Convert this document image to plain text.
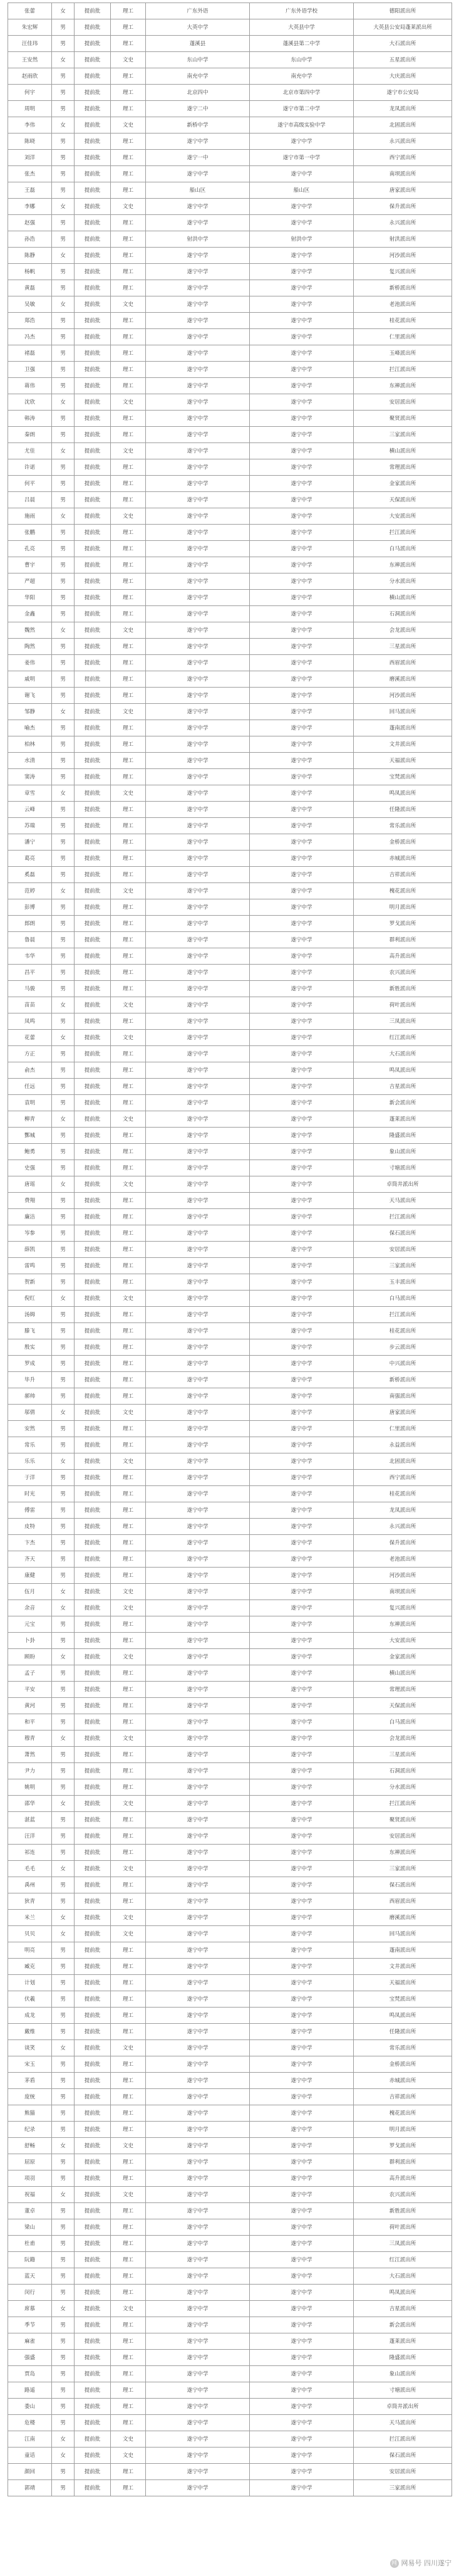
张蕾	女	提前批	理工	广东外语	广东外语学校	德阳派出所
朱宏辉	男	提前批	理工	大英中学	大英县中学	大英县公安局蓬莱派出所
汪佳玮	男	提前批	理工	蓬溪县	蓬溪县第二中学	大石派出所
王安然	女	提前批	文史	东山中学	东山中学	五星派出所
赵雨欣	男	提前批	理工	南充中学	南充中学	大庆派出所
何宇	男	提前批	理工	北京四中	北京市第四中学	遂宁市公安局
周明	男	提前批	理工	遂宁二中	遂宁市第二中学	龙凤派出所
李伟	女	提前批	文史	新桥中学	遂宁市高级实验中学	北固派出所
陈晓	男	提前批	理工	遂宁中学	遂宁中学	永兴派出所
刘洋	男	提前批	理工	遂宁一中	遂宁市第一中学	西宁派出所
张杰	男	提前批	理工	遂宁中学	遂宁中学	南坝派出所
王磊	男	提前批	理工	船山区	船山区	唐家派出所
李娜	女	提前批	文史	遂宁中学	遂宁中学	保升派出所
赵强	男	提前批	理工	遂宁中学	遂宁中学	永兴派出所
孙浩	男	提前批	理工	射洪中学	射洪中学	射洪派出所
陈静	女	提前批	理工	遂宁中学	遂宁中学	河沙派出所
杨帆	男	提前批	理工	遂宁中学	遂宁中学	复兴派出所
黄磊	男	提前批	理工	遂宁中学	遂宁中学	新桥派出所
吴敏	女	提前批	文史	遂宁中学	遂宁中学	老池派出所
郑浩	男	提前批	理工	遂宁中学	遂宁中学	桂花派出所
冯杰	男	提前批	理工	遂宁中学	遂宁中学	仁里派出所
褚磊	男	提前批	理工	遂宁中学	遂宁中学	玉峰派出所
卫强	男	提前批	理工	遂宁中学	遂宁中学	拦江派出所
蒋伟	男	提前批	理工	遂宁中学	遂宁中学	东禅派出所
沈欣	女	提前批	文史	遂宁中学	遂宁中学	安居派出所
韩涛	男	提前批	理工	遂宁中学	遂宁中学	聚贤派出所
秦朗	男	提前批	理工	遂宁中学	遂宁中学	三家派出所
尤佳	女	提前批	文史	遂宁中学	遂宁中学	横山派出所
许诺	男	提前批	理工	遂宁中学	遂宁中学	常理派出所
何平	男	提前批	理工	遂宁中学	遂宁中学	金家派出所
吕晨	男	提前批	理工	遂宁中学	遂宁中学	天保派出所
施雨	女	提前批	文史	遂宁中学	遂宁中学	大安派出所
张鹏	男	提前批	理工	遂宁中学	遂宁中学	拦江派出所
孔亮	男	提前批	理工	遂宁中学	遂宁中学	白马派出所
曹宇	男	提前批	理工	遂宁中学	遂宁中学	东禅派出所
严超	男	提前批	理工	遂宁中学	遂宁中学	分水派出所
华阳	男	提前批	理工	遂宁中学	遂宁中学	横山派出所
金鑫	男	提前批	理工	遂宁中学	遂宁中学	石洞派出所
魏然	女	提前批	文史	遂宁中学	遂宁中学	会龙派出所
陶然	男	提前批	理工	遂宁中学	遂宁中学	三星派出所
姜伟	男	提前批	理工	遂宁中学	遂宁中学	西眉派出所
戚明	男	提前批	理工	遂宁中学	遂宁中学	磨溪派出所
谢飞	男	提前批	理工	遂宁中学	遂宁中学	河沙派出所
邹静	女	提前批	文史	遂宁中学	遂宁中学	回马派出所
喻杰	男	提前批	理工	遂宁中学	遂宁中学	蓬南派出所
柏林	男	提前批	理工	遂宁中学	遂宁中学	文井派出所
水清	男	提前批	理工	遂宁中学	遂宁中学	天福派出所
窦涛	男	提前批	理工	遂宁中学	遂宁中学	宝梵派出所
章雪	女	提前批	文史	遂宁中学	遂宁中学	鸣凤派出所
云峰	男	提前批	理工	遂宁中学	遂宁中学	任隆派出所
苏瑞	男	提前批	理工	遂宁中学	遂宁中学	常乐派出所
潘宁	男	提前批	理工	遂宁中学	遂宁中学	金桥派出所
葛亮	男	提前批	理工	遂宁中学	遂宁中学	赤城派出所
奚磊	男	提前批	理工	遂宁中学	遂宁中学	吉祥派出所
范婷	女	提前批	文史	遂宁中学	遂宁中学	槐花派出所
彭博	男	提前批	理工	遂宁中学	遂宁中学	明月派出所
郎朗	男	提前批	理工	遂宁中学	遂宁中学	罗戈派出所
鲁晨	男	提前批	理工	遂宁中学	遂宁中学	群利派出所
韦华	男	提前批	理工	遂宁中学	遂宁中学	高升派出所
昌平	男	提前批	理工	遂宁中学	遂宁中学	农兴派出所
马骏	男	提前批	理工	遂宁中学	遂宁中学	新胜派出所
苗苗	女	提前批	文史	遂宁中学	遂宁中学	荷叶派出所
凤鸣	男	提前批	理工	遂宁中学	遂宁中学	三凤派出所
花蕾	女	提前批	文史	遂宁中学	遂宁中学	红江派出所
方正	男	提前批	理工	遂宁中学	遂宁中学	大石派出所
俞杰	男	提前批	理工	遂宁中学	遂宁中学	鸣凤派出所
任远	男	提前批	理工	遂宁中学	遂宁中学	吉星派出所
袁明	男	提前批	理工	遂宁中学	遂宁中学	新会派出所
柳青	女	提前批	文史	遂宁中学	遂宁中学	蓬莱派出所
酆城	男	提前批	理工	遂宁中学	遂宁中学	隆盛派出所
鲍勇	男	提前批	理工	遂宁中学	遂宁中学	象山派出所
史强	男	提前批	理工	遂宁中学	遂宁中学	寸塘派出所
唐瑶	女	提前批	文史	遂宁中学	遂宁中学	卓筒井派出所
费翔	男	提前批	理工	遂宁中学	遂宁中学	天马派出所
廉洁	男	提前批	理工	遂宁中学	遂宁中学	拦江派出所
岑参	男	提前批	理工	遂宁中学	遂宁中学	保石派出所
薛凯	男	提前批	理工	遂宁中学	遂宁中学	安居派出所
雷鸣	男	提前批	理工	遂宁中学	遂宁中学	三家派出所
贺新	男	提前批	理工	遂宁中学	遂宁中学	玉丰派出所
倪红	女	提前批	文史	遂宁中学	遂宁中学	白马派出所
汤姆	男	提前批	理工	遂宁中学	遂宁中学	拦江派出所
滕飞	男	提前批	理工	遂宁中学	遂宁中学	桂花派出所
殷实	男	提前批	理工	遂宁中学	遂宁中学	步云派出所
罗成	男	提前批	理工	遂宁中学	遂宁中学	中兴派出所
毕升	男	提前批	理工	遂宁中学	遂宁中学	新桥派出所
郝帅	男	提前批	理工	遂宁中学	遂宁中学	南强派出所
邬倩	女	提前批	文史	遂宁中学	遂宁中学	唐家派出所
安然	男	提前批	理工	遂宁中学	遂宁中学	仁里派出所
常乐	男	提前批	理工	遂宁中学	遂宁中学	永益派出所
乐乐	女	提前批	文史	遂宁中学	遂宁中学	北固派出所
于洋	男	提前批	理工	遂宁中学	遂宁中学	西宁派出所
时光	男	提前批	理工	遂宁中学	遂宁中学	桂花派出所
傅雷	男	提前批	理工	遂宁中学	遂宁中学	龙凤派出所
皮特	男	提前批	理工	遂宁中学	遂宁中学	永兴派出所
卞杰	男	提前批	理工	遂宁中学	遂宁中学	保升派出所
齐天	男	提前批	理工	遂宁中学	遂宁中学	老池派出所
康健	男	提前批	理工	遂宁中学	遂宁中学	河沙派出所
伍月	女	提前批	文史	遂宁中学	遂宁中学	南坝派出所
余音	女	提前批	文史	遂宁中学	遂宁中学	复兴派出所
元宝	男	提前批	理工	遂宁中学	遂宁中学	东禅派出所
卜卦	男	提前批	理工	遂宁中学	遂宁中学	大安派出所
顾盼	女	提前批	文史	遂宁中学	遂宁中学	金家派出所
孟子	男	提前批	理工	遂宁中学	遂宁中学	横山派出所
平安	男	提前批	理工	遂宁中学	遂宁中学	常理派出所
黄河	男	提前批	理工	遂宁中学	遂宁中学	天保派出所
和平	男	提前批	理工	遂宁中学	遂宁中学	白马派出所
穆青	女	提前批	文史	遂宁中学	遂宁中学	会龙派出所
萧然	男	提前批	理工	遂宁中学	遂宁中学	三星派出所
尹力	男	提前批	理工	遂宁中学	遂宁中学	石洞派出所
姚明	男	提前批	理工	遂宁中学	遂宁中学	分水派出所
邵华	女	提前批	文史	遂宁中学	遂宁中学	拦江派出所
湛蓝	男	提前批	理工	遂宁中学	遂宁中学	聚贤派出所
汪洋	男	提前批	理工	遂宁中学	遂宁中学	安居派出所
祁连	男	提前批	理工	遂宁中学	遂宁中学	东禅派出所
毛毛	女	提前批	文史	遂宁中学	遂宁中学	三家派出所
禹州	男	提前批	理工	遂宁中学	遂宁中学	保石派出所
狄青	男	提前批	理工	遂宁中学	遂宁中学	西眉派出所
米兰	女	提前批	文史	遂宁中学	遂宁中学	磨溪派出所
贝贝	女	提前批	文史	遂宁中学	遂宁中学	回马派出所
明亮	男	提前批	理工	遂宁中学	遂宁中学	蓬南派出所
臧克	男	提前批	理工	遂宁中学	遂宁中学	文井派出所
计划	男	提前批	理工	遂宁中学	遂宁中学	天福派出所
伏羲	男	提前批	理工	遂宁中学	遂宁中学	宝梵派出所
成龙	男	提前批	理工	遂宁中学	遂宁中学	鸣凤派出所
戴维	男	提前批	理工	遂宁中学	遂宁中学	任隆派出所
谈笑	女	提前批	文史	遂宁中学	遂宁中学	常乐派出所
宋玉	男	提前批	理工	遂宁中学	遂宁中学	金桥派出所
茅盾	男	提前批	理工	遂宁中学	遂宁中学	赤城派出所
庞统	男	提前批	理工	遂宁中学	遂宁中学	吉祥派出所
熊猫	男	提前批	理工	遂宁中学	遂宁中学	槐花派出所
纪录	男	提前批	理工	遂宁中学	遂宁中学	明月派出所
舒畅	女	提前批	文史	遂宁中学	遂宁中学	罗戈派出所
屈原	男	提前批	理工	遂宁中学	遂宁中学	群利派出所
项羽	男	提前批	理工	遂宁中学	遂宁中学	高升派出所
祝福	女	提前批	文史	遂宁中学	遂宁中学	农兴派出所
董卓	男	提前批	理工	遂宁中学	遂宁中学	新胜派出所
梁山	男	提前批	理工	遂宁中学	遂宁中学	荷叶派出所
杜甫	男	提前批	理工	遂宁中学	遂宁中学	三凤派出所
阮籍	男	提前批	理工	遂宁中学	遂宁中学	红江派出所
蓝天	男	提前批	理工	遂宁中学	遂宁中学	大石派出所
闵行	男	提前批	理工	遂宁中学	遂宁中学	鸣凤派出所
席慕	女	提前批	文史	遂宁中学	遂宁中学	吉星派出所
季节	男	提前批	理工	遂宁中学	遂宁中学	新会派出所
麻雀	男	提前批	理工	遂宁中学	遂宁中学	蓬莱派出所
强盛	男	提前批	理工	遂宁中学	遂宁中学	隆盛派出所
贾岛	男	提前批	理工	遂宁中学	遂宁中学	象山派出所
路遥	男	提前批	理工	遂宁中学	遂宁中学	寸塘派出所
娄山	男	提前批	理工	遂宁中学	遂宁中学	卓筒井派出所
危楼	男	提前批	理工	遂宁中学	遂宁中学	天马派出所
江南	女	提前批	文史	遂宁中学	遂宁中学	拦江派出所
童话	女	提前批	文史	遂宁中学	遂宁中学	保石派出所
颜回	男	提前批	理工	遂宁中学	遂宁中学	安居派出所
郭靖	男	提前批	理工	遂宁中学	遂宁中学	三家派出所
网 网易号 四川遂宁
